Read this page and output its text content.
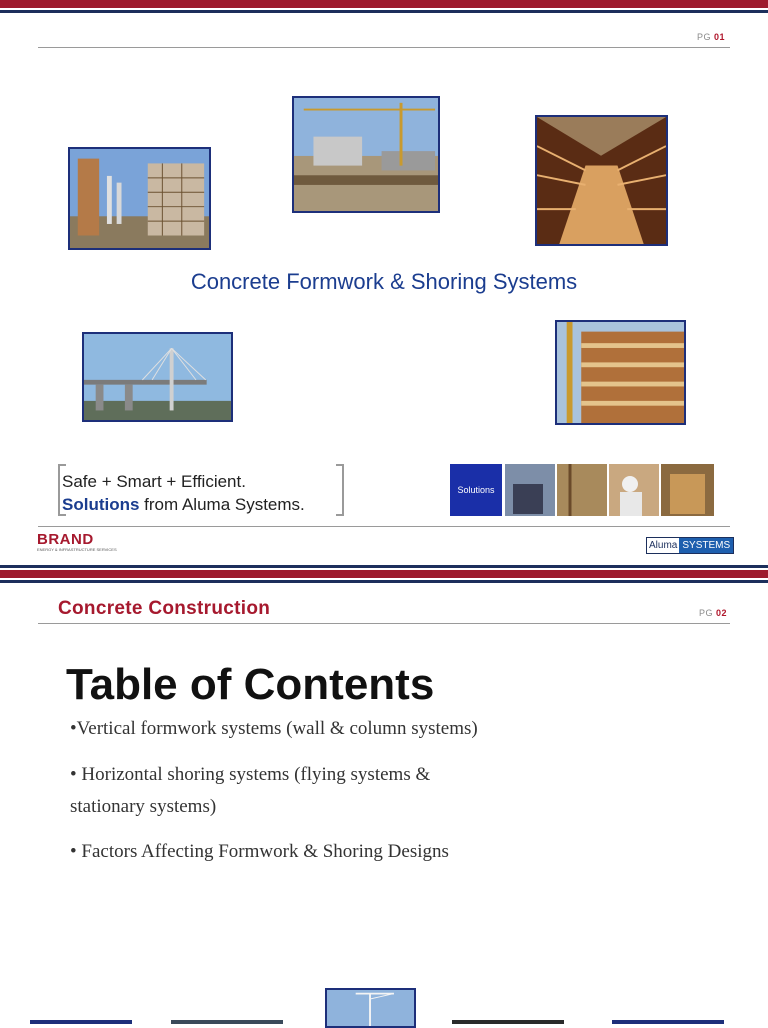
PG 01
Concrete Formwork & Shoring Systems
Safe + Smart + Efficient.
Solutions from Aluma Systems.
Solutions
BRAND
ENERGY & INFRASTRUCTURE SERVICES	Aluma SYSTEMS
Concrete Construction	PG 02
Table of Contents
•Vertical formwork systems (wall & column systems)
• Horizontal shoring systems (flying systems &
stationary systems)
• Factors Affecting Formwork & Shoring Designs
